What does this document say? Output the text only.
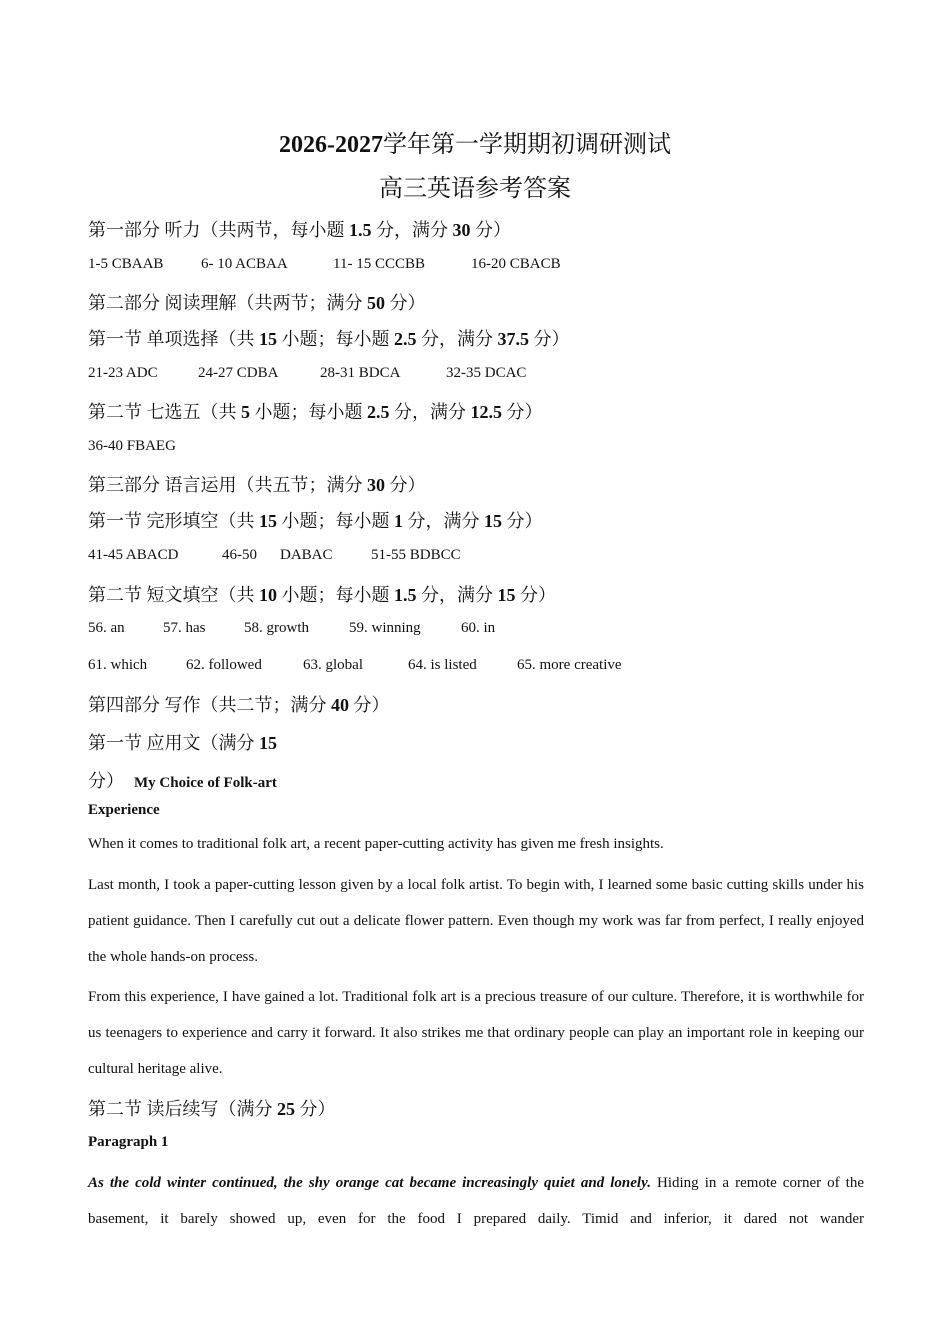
2026-2027学年第一学期期初调研测试
高三英语参考答案
第一部分 听力（共两节，每小题 1.5 分，满分 30 分）
1-5 CBAAB	6- 10 ACBAA	11- 15 CCCBB	16-20 CBACB
第二部分 阅读理解（共两节；满分 50 分）
第一节 单项选择（共 15 小题；每小题 2.5 分，满分 37.5 分）
21-23 ADC	24-27 CDBA	28-31 BDCA	32-35 DCAC
第二节 七选五（共 5 小题；每小题 2.5 分，满分 12.5 分）
36-40 FBAEG
第三部分 语言运用（共五节；满分 30 分）
第一节 完形填空（共 15 小题；每小题 1 分，满分 15 分）
41-45 ABACD	46-50 DABAC	51-55 BDBCC
第二节 短文填空（共 10 小题；每小题 1.5 分，满分 15 分）
56. an	57. has	58. growth	59. winning	60. in
61. which	62. followed	63. global	64. is listed	65. more creative
第四部分 写作（共二节；满分 40 分）
第一节 应用文（满分 15
分） My Choice of Folk-art
Experience
When it comes to traditional folk art, a recent paper-cutting activity has given me fresh insights.
Last month, I took a paper-cutting lesson given by a local folk artist. To begin with, I learned some basic cutting skills under his patient guidance. Then I carefully cut out a delicate flower pattern. Even though my work was far from perfect, I really enjoyed the whole hands-on process.
From this experience, I have gained a lot. Traditional folk art is a precious treasure of our culture. Therefore, it is worthwhile for us teenagers to experience and carry it forward. It also strikes me that ordinary people can play an important role in keeping our cultural heritage alive.
第二节 读后续写（满分 25 分）
Paragraph 1
As the cold winter continued, the shy orange cat became increasingly quiet and lonely. Hiding in a remote corner of the basement, it barely showed up, even for the food I prepared daily. Timid and inferior, it dared not wander
